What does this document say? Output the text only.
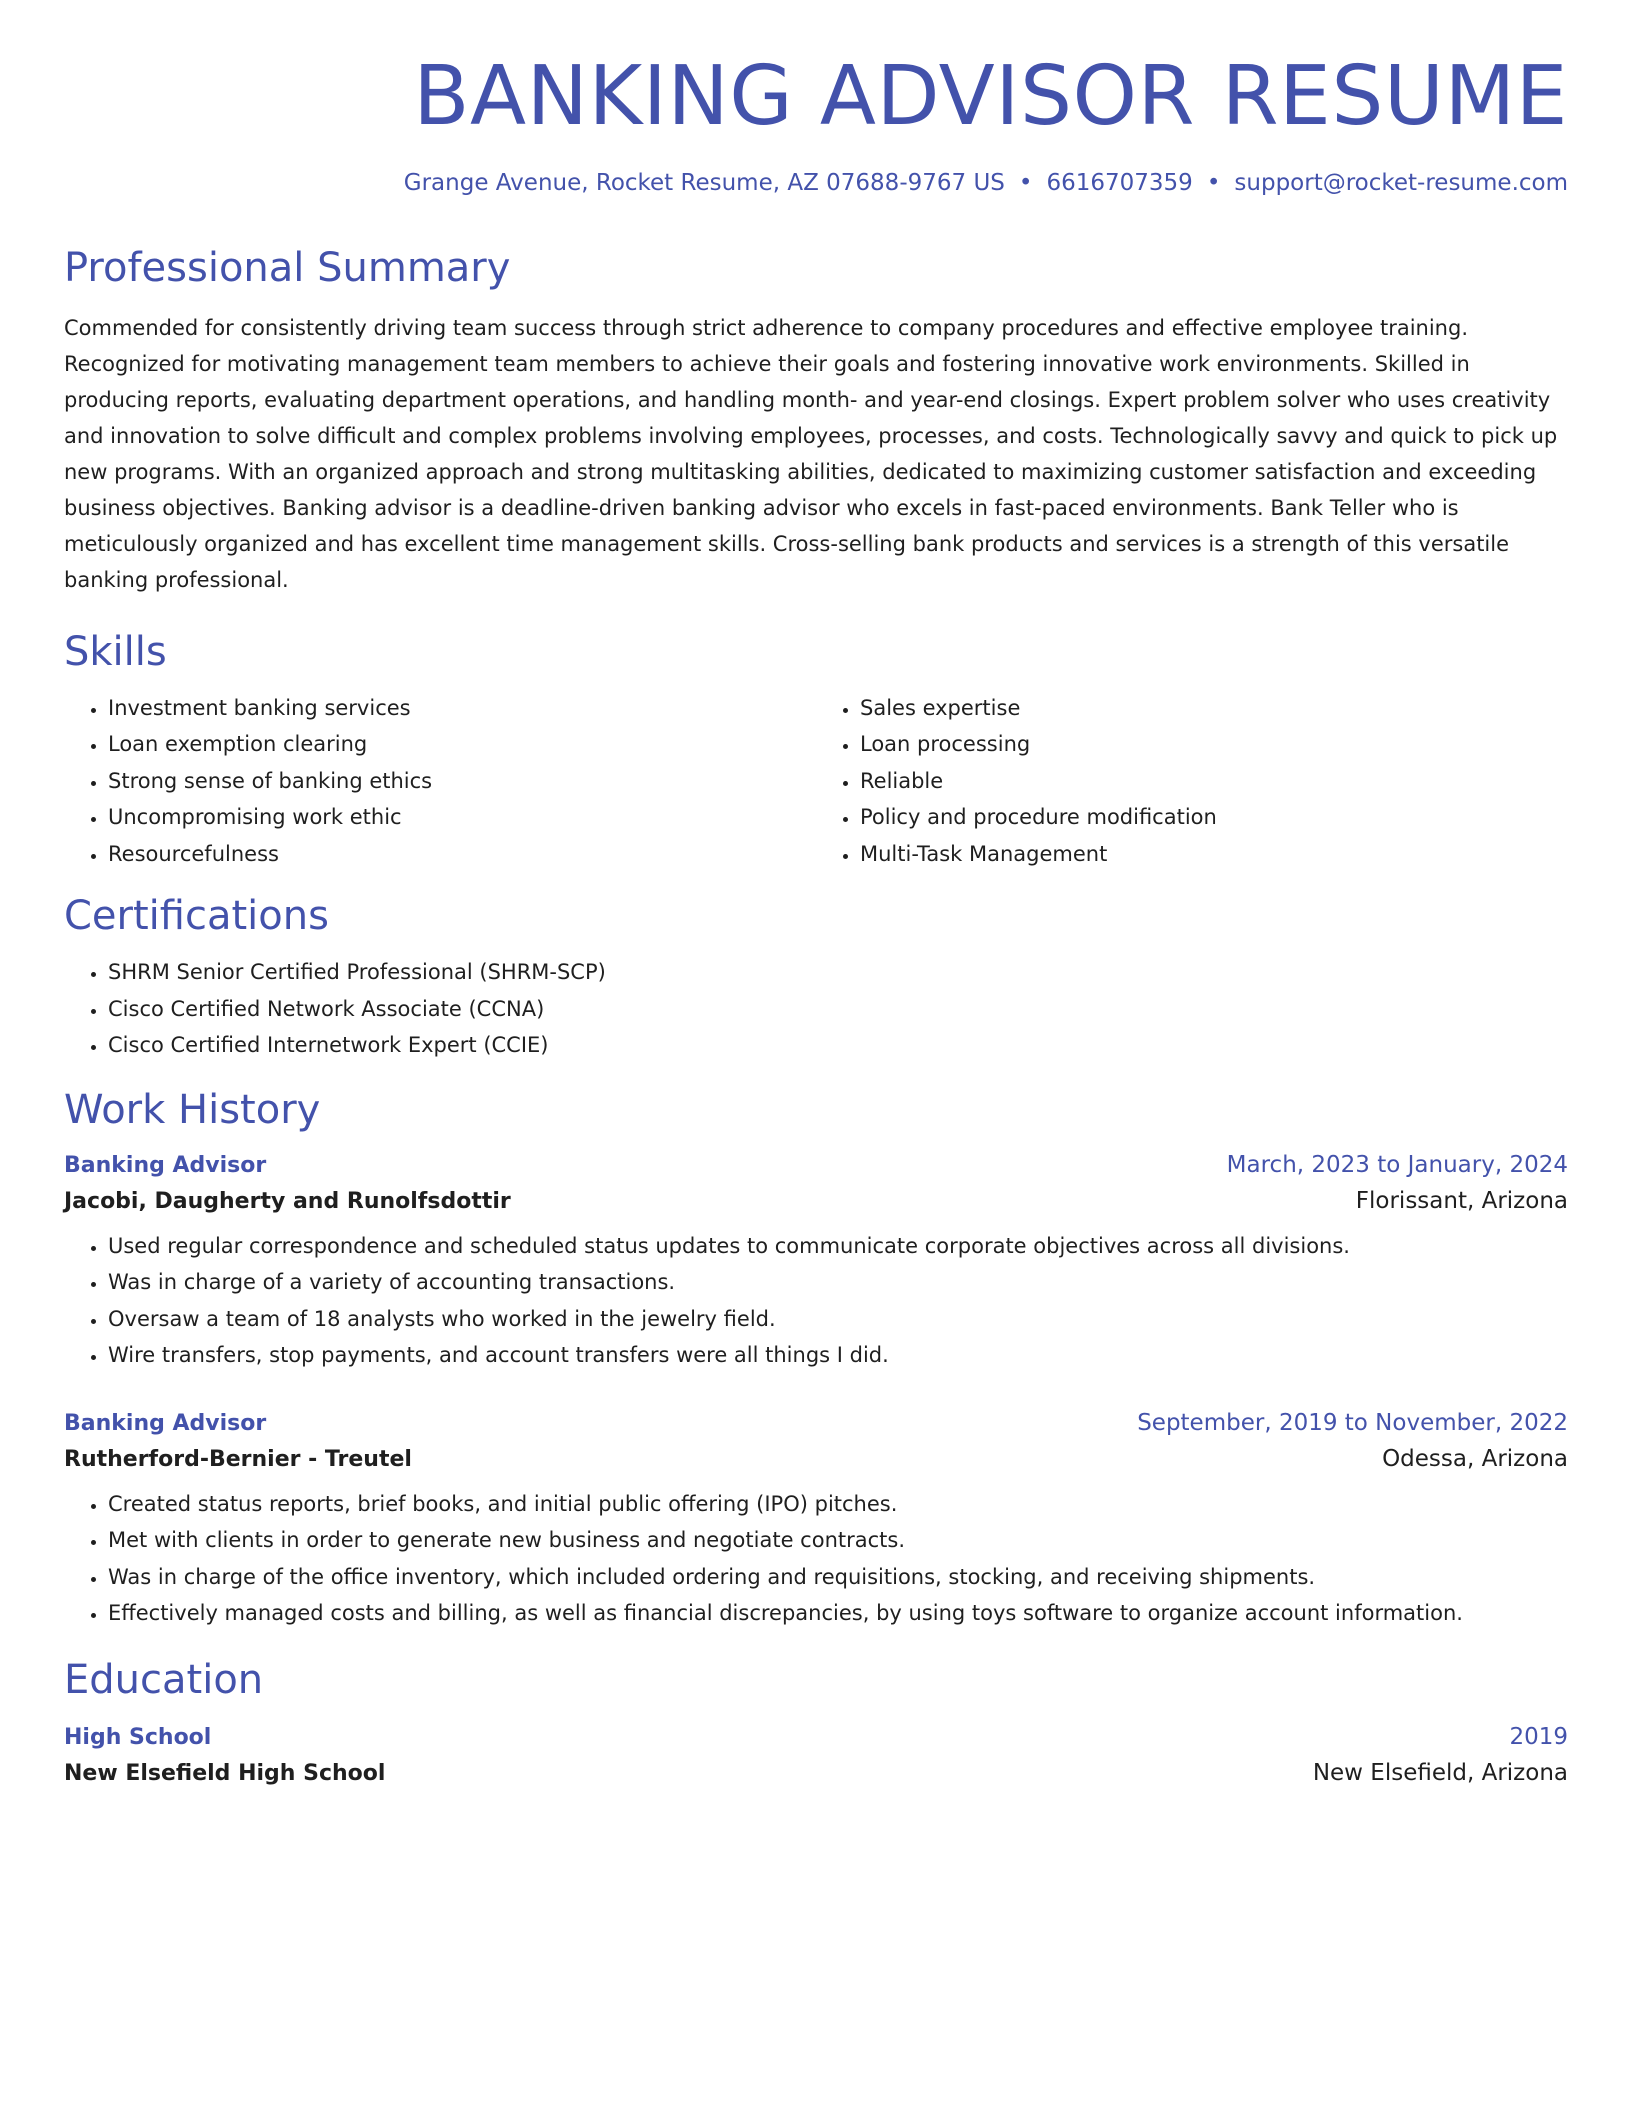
BANKING ADVISOR RESUME
Grange Avenue, Rocket Resume, AZ 07688-9767 US • 6616707359 • support@rocket-resume.com
Professional Summary
Commended for consistently driving team success through strict adherence to company procedures and effective employee training. Recognized for motivating management team members to achieve their goals and fostering innovative work environments. Skilled in producing reports, evaluating department operations, and handling month- and year-end closings. Expert problem solver who uses creativity and innovation to solve difficult and complex problems involving employees, processes, and costs. Technologically savvy and quick to pick up new programs. With an organized approach and strong multitasking abilities, dedicated to maximizing customer satisfaction and exceeding business objectives. Banking advisor is a deadline-driven banking advisor who excels in fast-paced environments. Bank Teller who is meticulously organized and has excellent time management skills. Cross-selling bank products and services is a strength of this versatile banking professional.
Skills
• Investment banking services
• Loan exemption clearing
• Strong sense of banking ethics
• Uncompromising work ethic
• Resourcefulness
• Sales expertise
• Loan processing
• Reliable
• Policy and procedure modification
• Multi-Task Management
Certifications
• SHRM Senior Certified Professional (SHRM-SCP)
• Cisco Certified Network Associate (CCNA)
• Cisco Certified Internetwork Expert (CCIE)
Work History
Banking Advisor	March, 2023 to January, 2024
Jacobi, Daugherty and Runolfsdottir	Florissant, Arizona
• Used regular correspondence and scheduled status updates to communicate corporate objectives across all divisions.
• Was in charge of a variety of accounting transactions.
• Oversaw a team of 18 analysts who worked in the jewelry field.
• Wire transfers, stop payments, and account transfers were all things I did.
Banking Advisor	September, 2019 to November, 2022
Rutherford-Bernier - Treutel	Odessa, Arizona
• Created status reports, brief books, and initial public offering (IPO) pitches.
• Met with clients in order to generate new business and negotiate contracts.
• Was in charge of the office inventory, which included ordering and requisitions, stocking, and receiving shipments.
• Effectively managed costs and billing, as well as financial discrepancies, by using toys software to organize account information.
Education
High School	2019
New Elsefield High School	New Elsefield, Arizona
